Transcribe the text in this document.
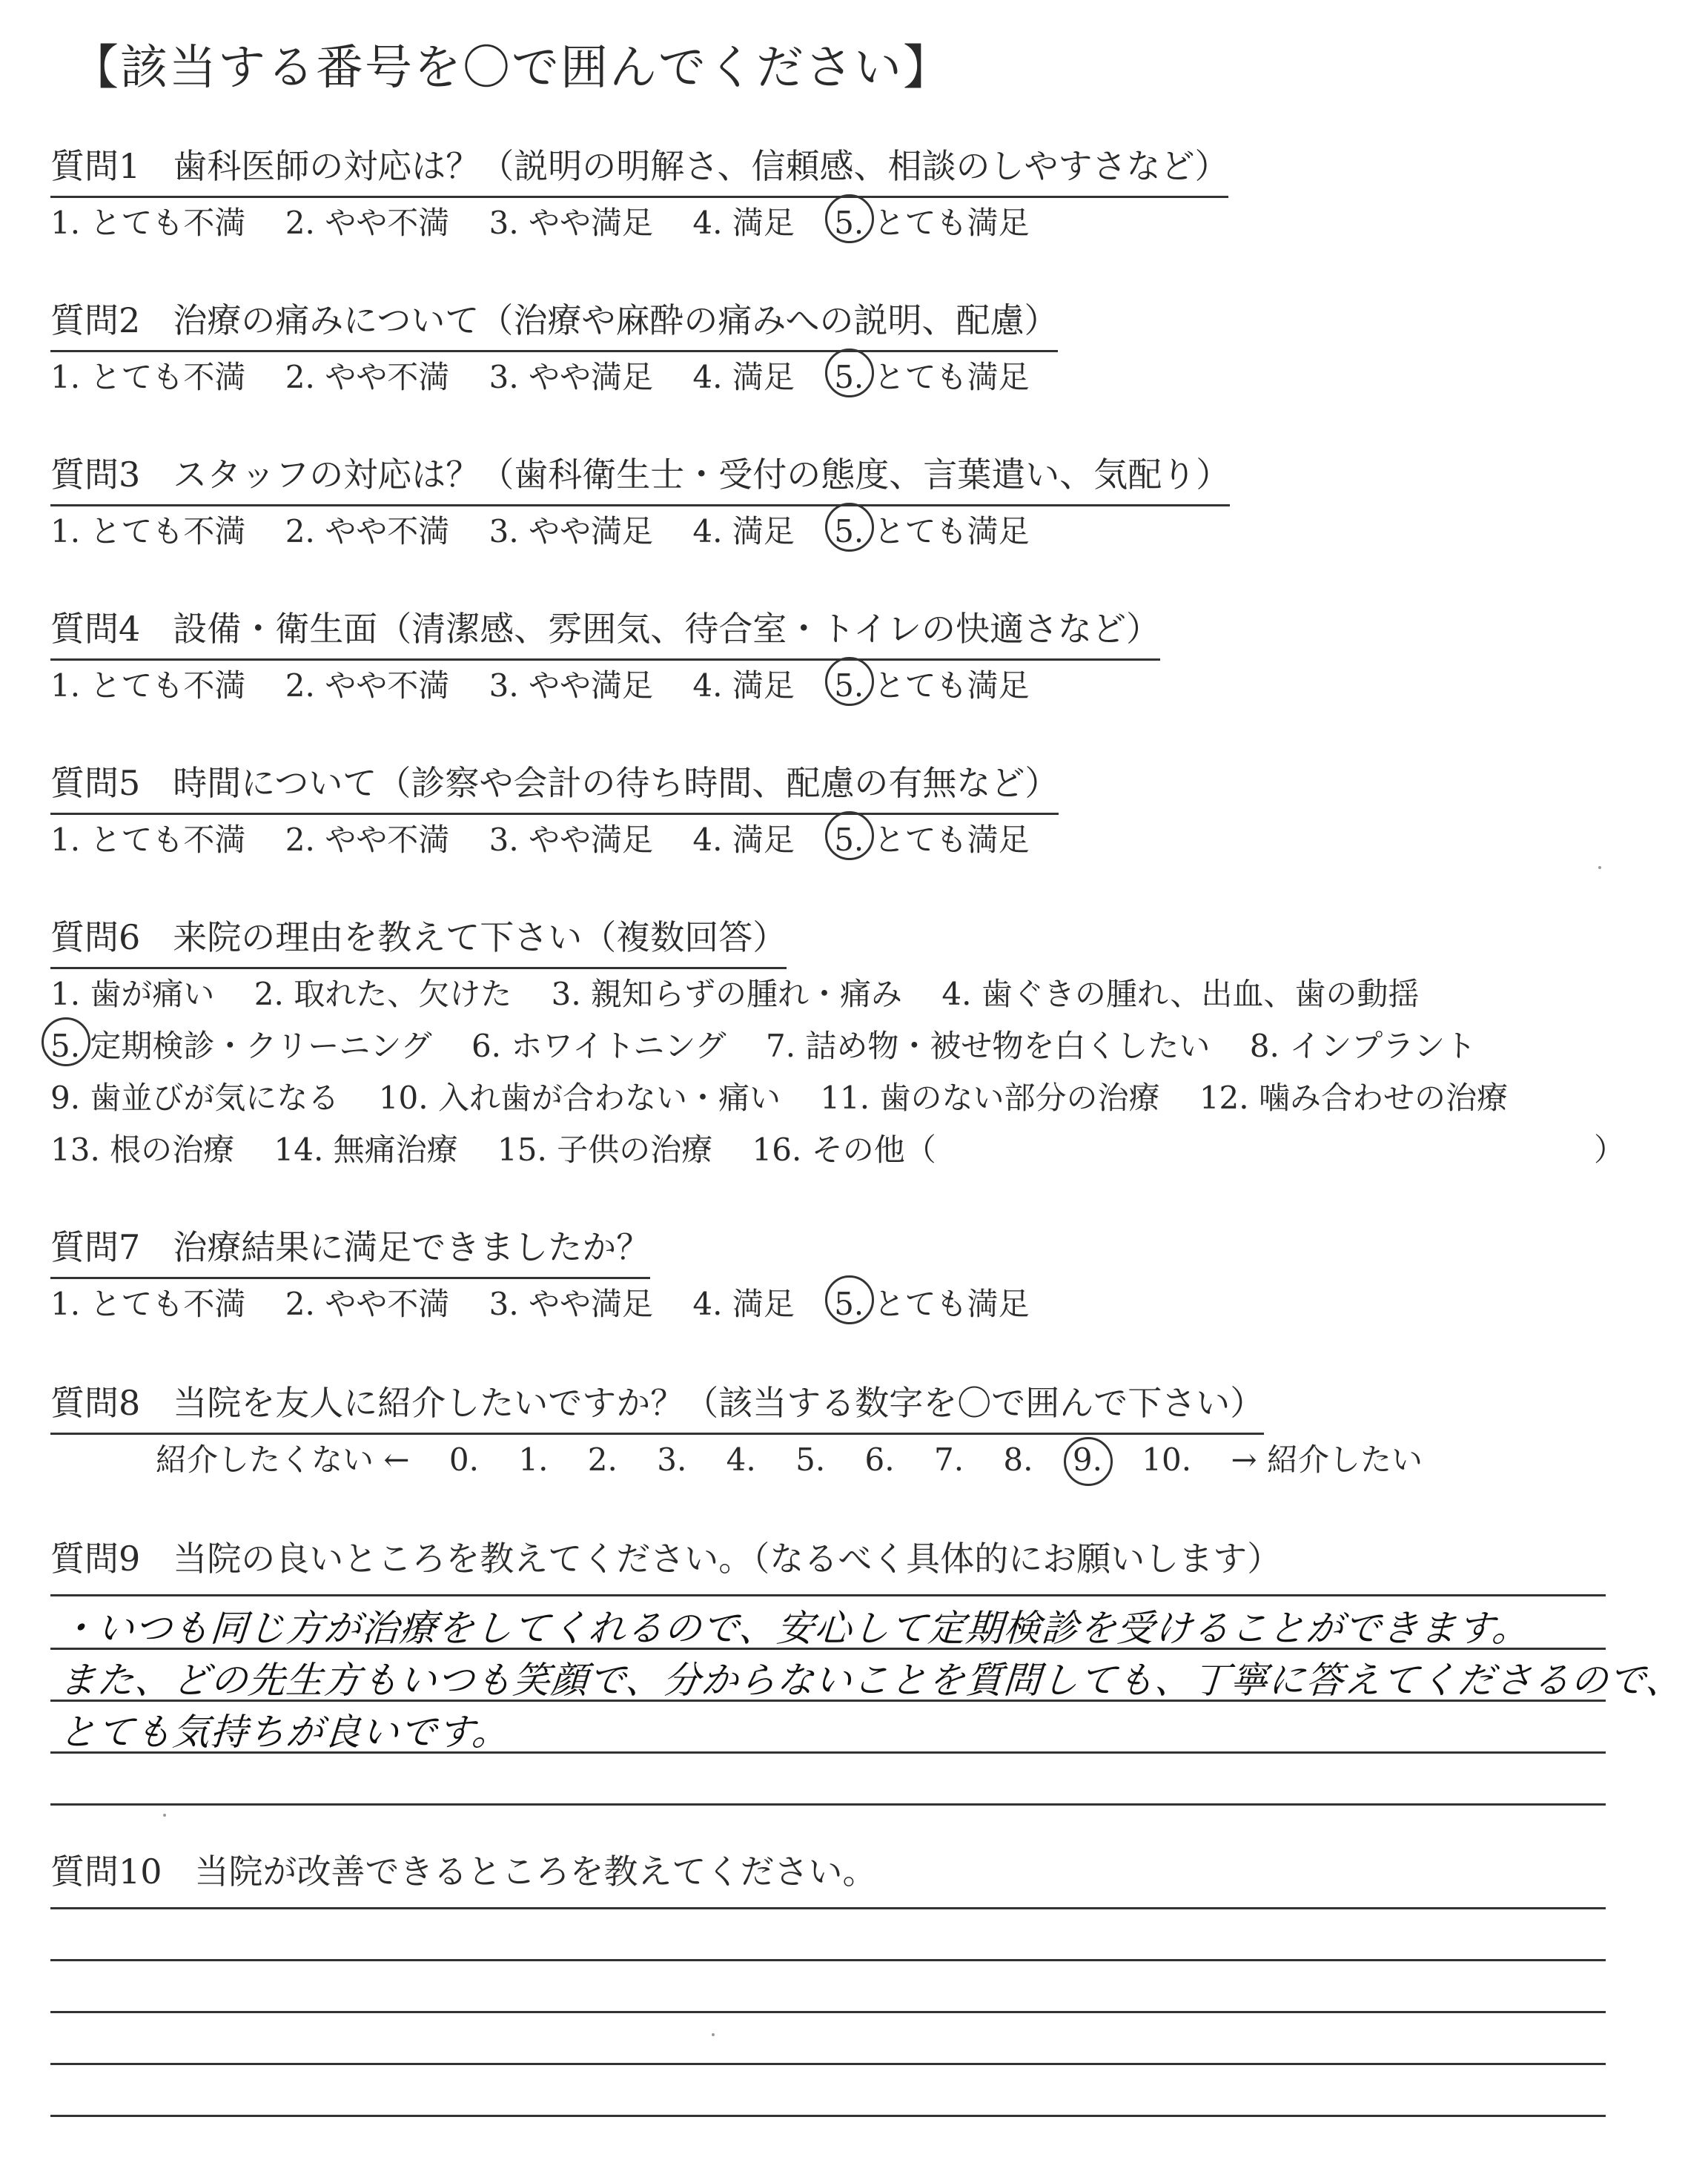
【該当する番号を〇で囲んでください】
質問1 歯科医師の対応は？（説明の明解さ、信頼感、相談のしやすさなど）
1. とても不満 2. やや不満 3. やや満足 4. 満足 5. とても満足
質問2 治療の痛みについて（治療や麻酔の痛みへの説明、配慮）
1. とても不満 2. やや不満 3. やや満足 4. 満足 5. とても満足
質問3 スタッフの対応は？（歯科衛生士・受付の態度、言葉遣い、気配り）
1. とても不満 2. やや不満 3. やや満足 4. 満足 5. とても満足
質問4 設備・衛生面（清潔感、雰囲気、待合室・トイレの快適さなど）
1. とても不満 2. やや不満 3. やや満足 4. 満足 5. とても満足
質問5 時間について（診察や会計の待ち時間、配慮の有無など）
1. とても不満 2. やや不満 3. やや満足 4. 満足 5. とても満足
質問6 来院の理由を教えて下さい（複数回答）
1. 歯が痛い 2. 取れた、欠けた 3. 親知らずの腫れ・痛み 4. 歯ぐきの腫れ、出血、歯の動揺
5. 定期検診・クリーニング 6. ホワイトニング 7. 詰め物・被せ物を白くしたい 8. インプラント
9. 歯並びが気になる 10. 入れ歯が合わない・痛い 11. 歯のない部分の治療 12. 噛み合わせの治療
13. 根の治療 14. 無痛治療 15. 子供の治療 16. その他（	）
質問7 治療結果に満足できましたか？
1. とても不満 2. やや不満 3. やや満足 4. 満足 5. とても満足
質問8 当院を友人に紹介したいですか？（該当する数字を〇で囲んで下さい）
紹介したくない ← 0. 1. 2. 3. 4. 5. 6. 7. 8. 9. 10. → 紹介したい
質問9 当院の良いところを教えてください。（なるべく具体的にお願いします）
・いつも同じ方が治療をしてくれるので、安心して定期検診を受けることができます。
また、どの先生方もいつも笑顔で、分からないことを質問しても、丁寧に答えてくださるので、
とても気持ちが良いです。
質問10 当院が改善できるところを教えてください。
